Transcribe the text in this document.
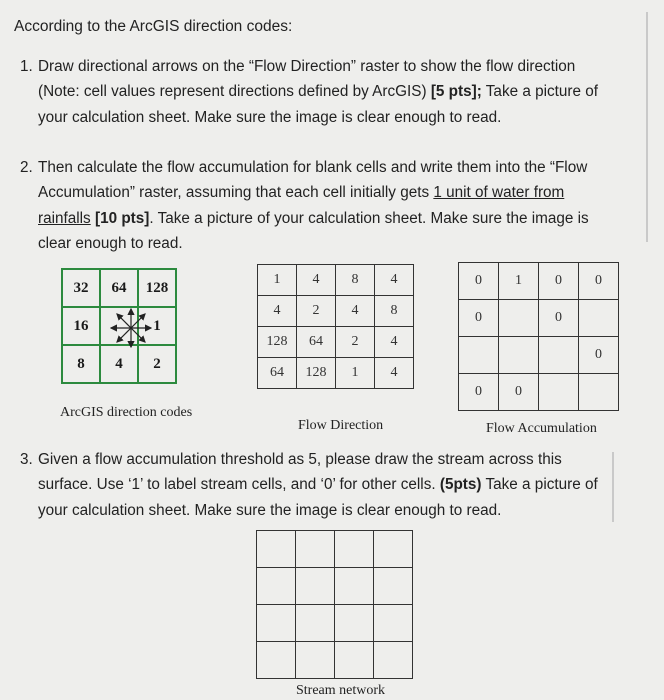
According to the ArcGIS direction codes:
1. Draw directional arrows on the “Flow Direction” raster to show the flow direction (Note: cell values represent directions defined by ArcGIS) [5 pts]; Take a picture of your calculation sheet. Make sure the image is clear enough to read.
2. Then calculate the flow accumulation for blank cells and write them into the “Flow Accumulation” raster, assuming that each cell initially gets 1 unit of water from rainfalls [10 pts]. Take a picture of your calculation sheet. Make sure the image is clear enough to read.
32	64	128
16		1
8	4	2
ArcGIS direction codes
1	4	8	4
4	2	4	8
128	64	2	4
64	128	1	4
Flow Direction
0	1	0	0
0		0	
			0
0	0		
Flow Accumulation
3. Given a flow accumulation threshold as 5, please draw the stream across this surface. Use ‘1’ to label stream cells, and ‘0’ for other cells. (5pts) Take a picture of your calculation sheet. Make sure the image is clear enough to read.

Stream network
